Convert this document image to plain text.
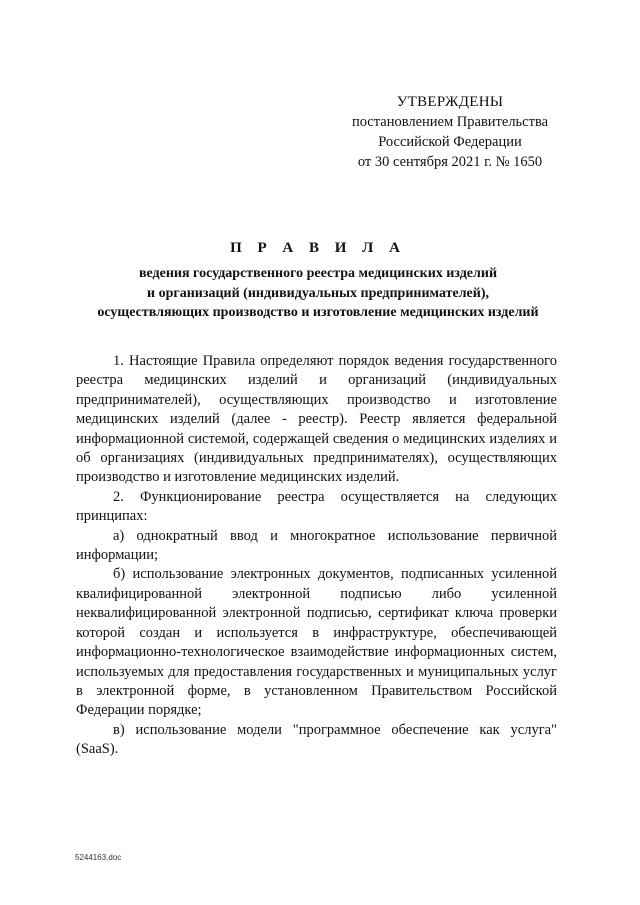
УТВЕРЖДЕНЫ
постановлением Правительства
Российской Федерации
от 30 сентября 2021 г. № 1650
П Р А В И Л А
ведения государственного реестра медицинских изделий
и организаций (индивидуальных предпринимателей),
осуществляющих производство и изготовление медицинских изделий

1. Настоящие Правила определяют порядок ведения государственного реестра медицинских изделий и организаций (индивидуальных предпринимателей), осуществляющих производство и изготовление медицинских изделий (далее - реестр). Реестр является федеральной информационной системой, содержащей сведения о медицинских изделиях и об организациях (индивидуальных предпринимателях), осуществляющих производство и изготовление медицинских изделий.

2. Функционирование реестра осуществляется на следующих принципах:

а) однократный ввод и многократное использование первичной информации;

б) использование электронных документов, подписанных усиленной квалифицированной электронной подписью либо усиленной неквалифицированной электронной подписью, сертификат ключа проверки которой создан и используется в инфраструктуре, обеспечивающей информационно-технологическое взаимодействие информационных систем, используемых для предоставления государственных и муниципальных услуг в электронной форме, в установленном Правительством Российской Федерации порядке;

в) использование модели "программное обеспечение как услуга" (SaaS).

5244163.doc
